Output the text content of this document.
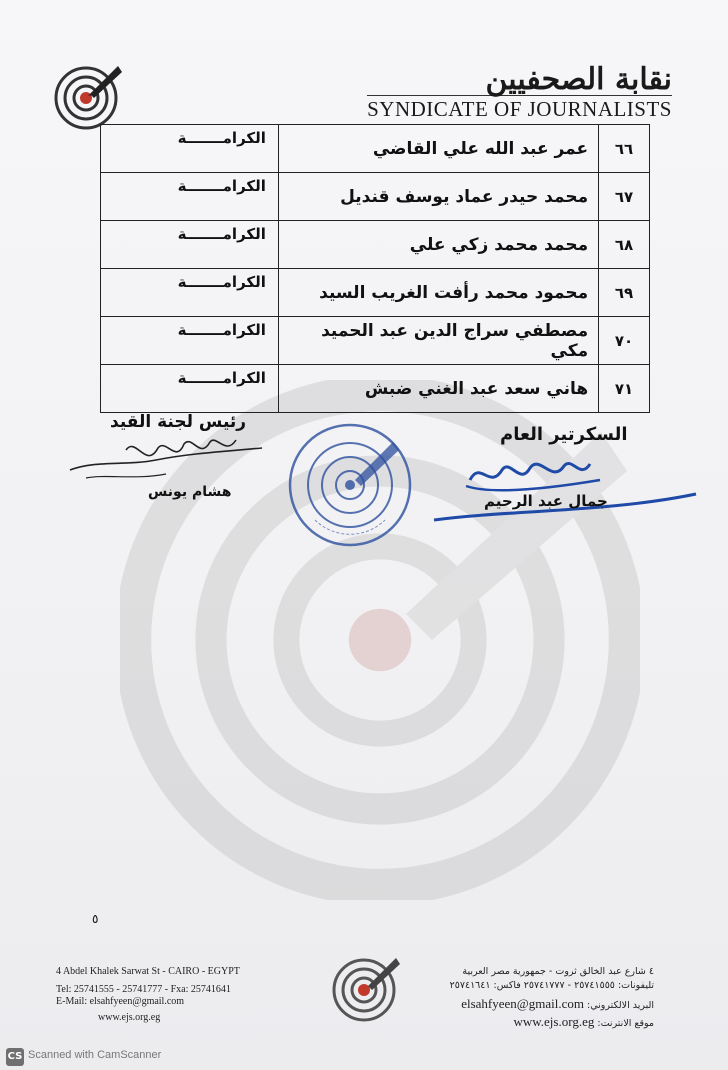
نقابة الصحفيين
SYNDICATE OF JOURNALISTS
٦٦	عمر عبد الله علي القاضي	الكرامـــــــة
٦٧	محمد حيدر عماد يوسف قنديل	الكرامـــــــة
٦٨	محمد محمد زكي علي	الكرامـــــــة
٦٩	محمود محمد رأفت الغريب السيد	الكرامـــــــة
٧٠	مصطفي سراج الدين عبد الحميد مكي	الكرامـــــــة
٧١	هاني سعد عبد الغني ضبش	الكرامـــــــة
رئيس لجنة القيد
هشام يونس
السكرتير العام
جمال عبد الرحيم
٥
4 Abdel Khalek Sarwat St - CAIRO - EGYPT
Tel: 25741555 - 25741777 - Fxa: 25741641
E-Mail: elsahfyeen@gmail.com
www.ejs.org.eg
٤ شارع عبد الخالق ثروت - جمهورية مصر العربية
تليفونات: ٢٥٧٤١٥٥٥ - ٢٥٧٤١٧٧٧ فاكس: ٢٥٧٤١٦٤١
البريد الالكتروني: elsahfyeen@gmail.com
موقع الانترنت: www.ejs.org.eg
CS Scanned with CamScanner
